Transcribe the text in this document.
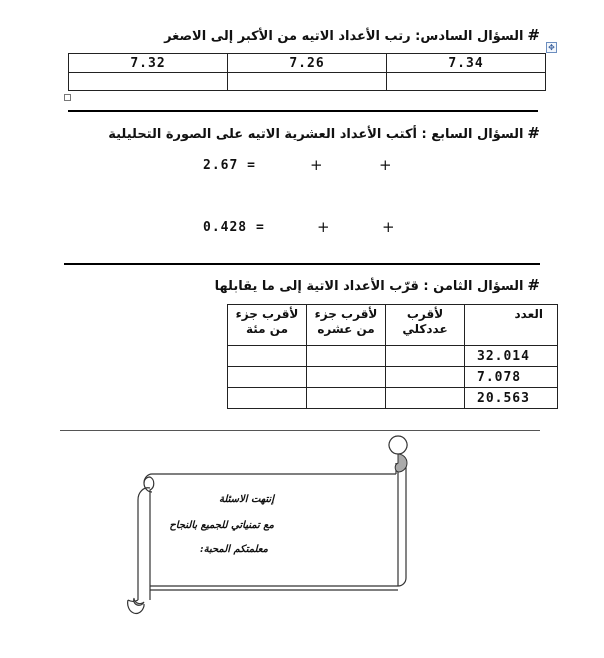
#السؤال السادس: رتب الأعداد الاتيه من الأكبر إلى الاصغر
✥
7.32	7.26	7.34

#السؤال السابع : أكتب الأعداد العشرية الاتيه على الصورة التحليلية
2.67 =	+	+
0.428 =	+	+
#السؤال الثامن : قرّب الأعداد الاتية إلى ما يقابلها
العدد	لأقرب عددكلي	لأقرب جزء من عشره	لأقرب جزء من مئة
32.014			
7.078			
20.563			
إنتهت الاسئلة
مع تمنياتي للجميع بالنجاح
معلمتكم المحبة:
